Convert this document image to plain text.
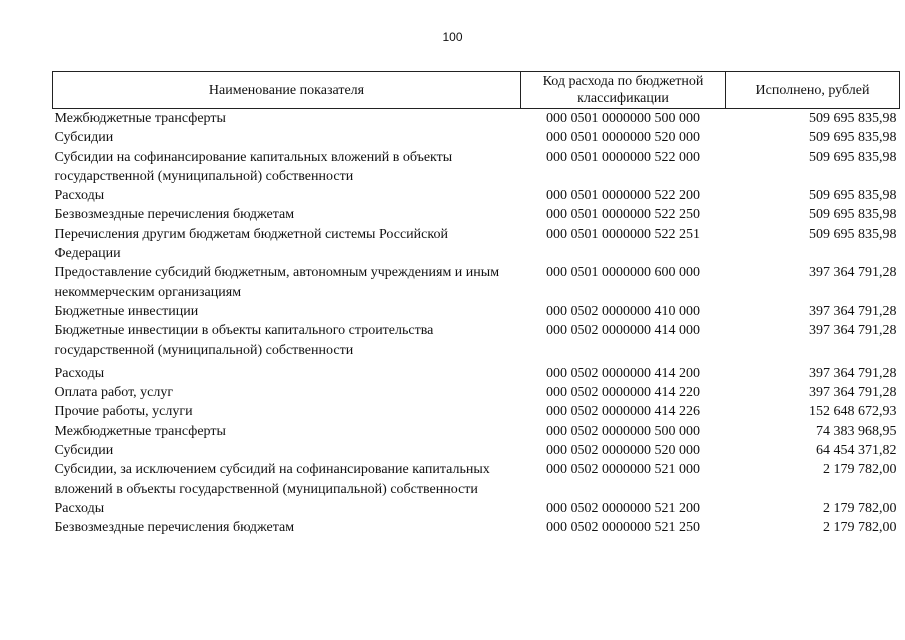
100
Наименование показателя	Код расхода по бюджетной классификации	Исполнено, рублей
Межбюджетные трансферты	000 0501 0000000 500 000	509 695 835,98
Субсидии	000 0501 0000000 520 000	509 695 835,98
Субсидии на софинансирование капитальных вложений в объекты государственной (муниципальной) собственности	000 0501 0000000 522 000	509 695 835,98
Расходы	000 0501 0000000 522 200	509 695 835,98
Безвозмездные перечисления бюджетам	000 0501 0000000 522 250	509 695 835,98
Перечисления другим бюджетам бюджетной системы Российской Федерации	000 0501 0000000 522 251	509 695 835,98
Предоставление субсидий бюджетным, автономным учреждениям и иным некоммерческим организациям	000 0501 0000000 600 000	397 364 791,28
Бюджетные инвестиции	000 0502 0000000 410 000	397 364 791,28
Бюджетные инвестиции в объекты капитального строительства государственной (муниципальной) собственности	000 0502 0000000 414 000	397 364 791,28
Расходы	000 0502 0000000 414 200	397 364 791,28
Оплата работ, услуг	000 0502 0000000 414 220	397 364 791,28
Прочие работы, услуги	000 0502 0000000 414 226	152 648 672,93
Межбюджетные трансферты	000 0502 0000000 500 000	74 383 968,95
Субсидии	000 0502 0000000 520 000	64 454 371,82
Субсидии, за исключением субсидий на софинансирование капитальных вложений в объекты государственной (муниципальной) собственности	000 0502 0000000 521 000	2 179 782,00
Расходы	000 0502 0000000 521 200	2 179 782,00
Безвозмездные перечисления бюджетам	000 0502 0000000 521 250	2 179 782,00
